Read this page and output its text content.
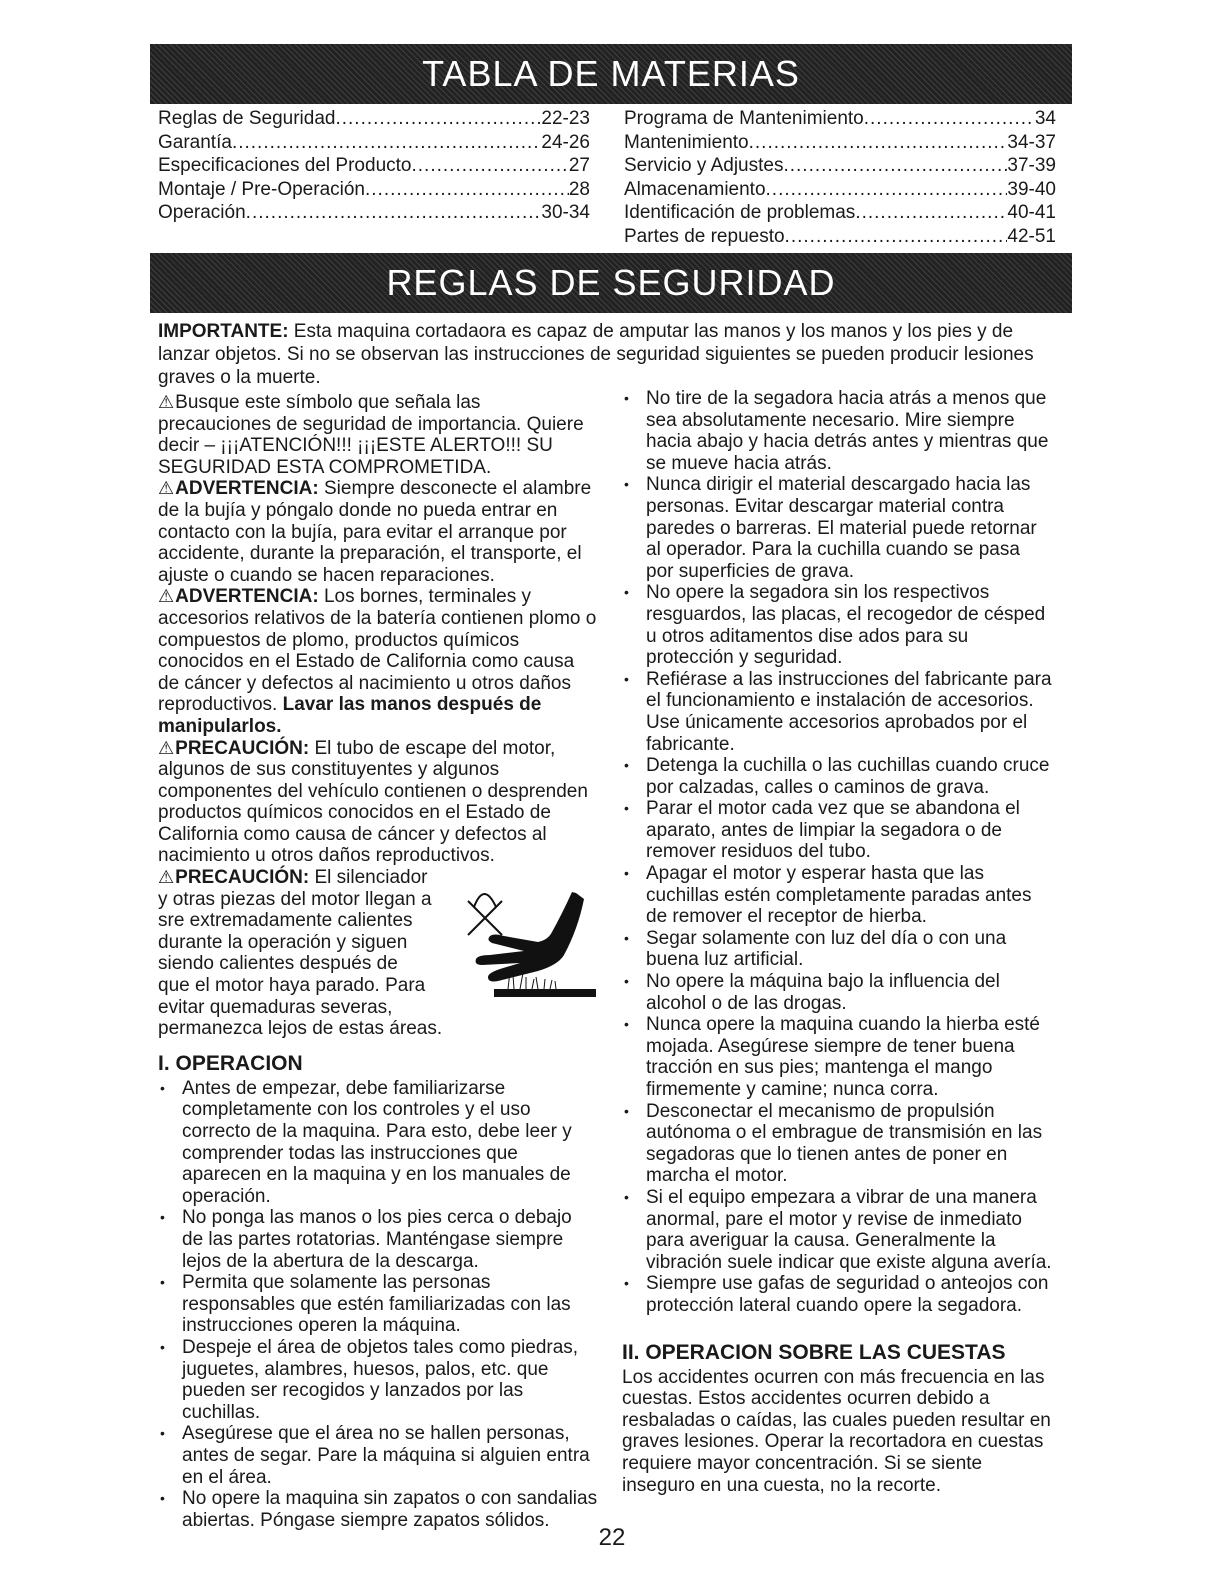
TABLA DE MATERIAS
Reglas de Seguridad .....	22-23
Garantía .....	24-26
Especificaciones del Producto .....	27
Montaje / Pre-Operación .....	28
Operación .....	30-34
Programa de Mantenimiento .....	34
Mantenimiento .....	34-37
Servicio y Adjustes .....	37-39
Almacenamiento .....	39-40
Identificación de problemas .....	40-41
Partes de repuesto .....	42-51
REGLAS DE SEGURIDAD
IMPORTANTE: Esta maquina cortadaora es capaz de amputar las manos y los manos y los pies y de lanzar objetos. Si no se observan las instrucciones de seguridad siguientes se pueden producir lesiones graves o la muerte.

⚠Busque este símbolo que señala las precauciones de seguridad de importancia. Quiere decir – ¡¡¡ATENCIÓN!!! ¡¡¡ESTE ALERTO!!! SU SEGURIDAD ESTA COMPROMETIDA.

⚠ADVERTENCIA: Siempre desconecte el alambre de la bujía y póngalo donde no pueda entrar en contacto con la bujía, para evitar el arranque por accidente, durante la preparación, el transporte, el ajuste o cuando se hacen reparaciones.

⚠ADVERTENCIA: Los bornes, terminales y accesorios relativos de la batería contienen plomo o compuestos de plomo, productos químicos conocidos en el Estado de California como causa de cáncer y defectos al nacimiento u otros daños reproductivos. Lavar las manos después de manipularlos.

⚠PRECAUCIÓN: El tubo de escape del motor, algunos de sus constituyentes y algunos componentes del vehículo contienen o desprenden productos químicos conocidos en el Estado de California como causa de cáncer y defectos al nacimiento u otros daños reproductivos.

⚠PRECAUCIÓN: El silenciador y otras piezas del motor llegan a sre extremadamente calientes durante la operación y siguen siendo calientes después de que el motor haya parado. Para evitar quemaduras severas, permanezca lejos de estas áreas.

I. OPERACION
• Antes de empezar, debe familiarizarse completamente con los controles y el uso correcto de la maquina. Para esto, debe leer y comprender todas las instrucciones que aparecen en la maquina y en los manuales de operación.
• No ponga las manos o los pies cerca o debajo de las partes rotatorias. Manténgase siempre lejos de la abertura de la descarga.
• Permita que solamente las personas responsables que estén familiarizadas con las instrucciones operen la máquina.
• Despeje el área de objetos tales como piedras, juguetes, alambres, huesos, palos, etc. que pueden ser recogidos y lanzados por las cuchillas.
• Asegúrese que el área no se hallen personas, antes de segar. Pare la máquina si alguien entra en el área.
• No opere la maquina sin zapatos o con sandalias abiertas. Póngase siempre zapatos sólidos.
• No tire de la segadora hacia atrás a menos que sea absolutamente necesario. Mire siempre hacia abajo y hacia detrás antes y mientras que se mueve hacia atrás.
• Nunca dirigir el material descargado hacia las personas. Evitar descargar material contra paredes o barreras. El material puede retornar al operador. Para la cuchilla cuando se pasa por superficies de grava.
• No opere la segadora sin los respectivos resguardos, las placas, el recogedor de césped u otros aditamentos dise ados para su protección y seguridad.
• Refiérase a las instrucciones del fabricante para el funcionamiento e instalación de accesorios. Use únicamente accesorios aprobados por el fabricante.
• Detenga la cuchilla o las cuchillas cuando cruce por calzadas, calles o caminos de grava.
• Parar el motor cada vez que se abandona el aparato, antes de limpiar la segadora o de remover residuos del tubo.
• Apagar el motor y esperar hasta que las cuchillas estén completamente paradas antes de remover el receptor de hierba.
• Segar solamente con luz del día o con una buena luz artificial.
• No opere la máquina bajo la influencia del alcohol o de las drogas.
• Nunca opere la maquina cuando la hierba esté mojada. Asegúrese siempre de tener buena tracción en sus pies; mantenga el mango firmemente y camine; nunca corra.
• Desconectar el mecanismo de propulsión autónoma o el embrague de transmisión en las segadoras que lo tienen antes de poner en marcha el motor.
• Si el equipo empezara a vibrar de una manera anormal, pare el motor y revise de inmediato para averiguar la causa. Generalmente la vibración suele indicar que existe alguna avería.
• Siempre use gafas de seguridad o anteojos con protección lateral cuando opere la segadora.
II. OPERACION SOBRE LAS CUESTAS

Los accidentes ocurren con más frecuencia en las cuestas. Estos accidentes ocurren debido a resbaladas o caídas, las cuales pueden resultar en graves lesiones. Operar la recortadora en cuestas requiere mayor concentración. Si se siente inseguro en una cuesta, no la recorte.

22
